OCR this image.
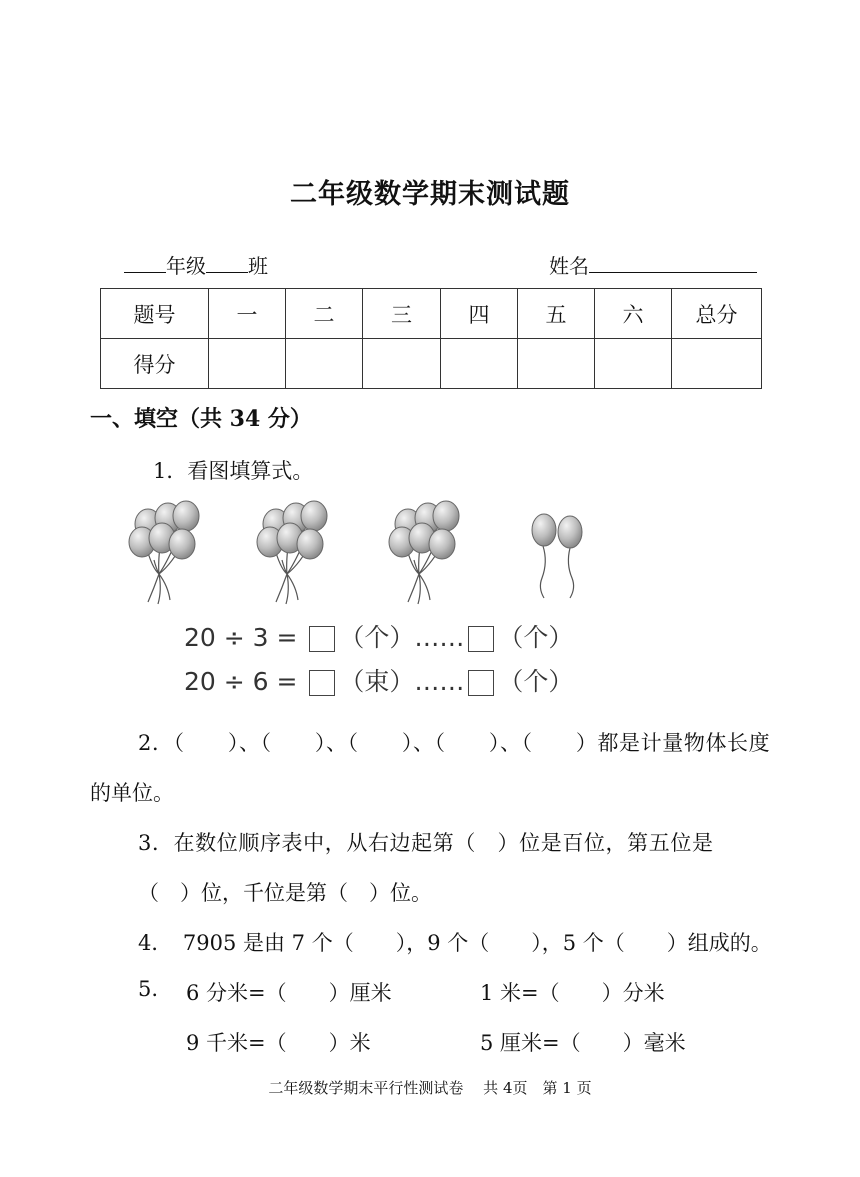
二年级数学期末测试题
年级 班	姓名
题号	一	二	三	四	五	六	总分
得分							
一、填空（共 34 分）
1．看图填算式。
20 ÷ 3 = （个）…… （个）
20 ÷ 6 = （束）…… （个）
2．（　　）、（　　）、（　　）、（　　）、（　　）都是计量物体长度
的单位。
3．在数位顺序表中，从右边起第（　）位是百位，第五位是
（　）位，千位是第（　）位。
4．　7905 是由 7 个（　　），9 个（　　），5 个（　　）组成的。
5. 6 分米=（　　）厘米	1 米=（　　）分米
9 千米=（　　）米	5 厘米=（　　）毫米
二年级数学期末平行性测试卷　 共 4页　第 1 页
